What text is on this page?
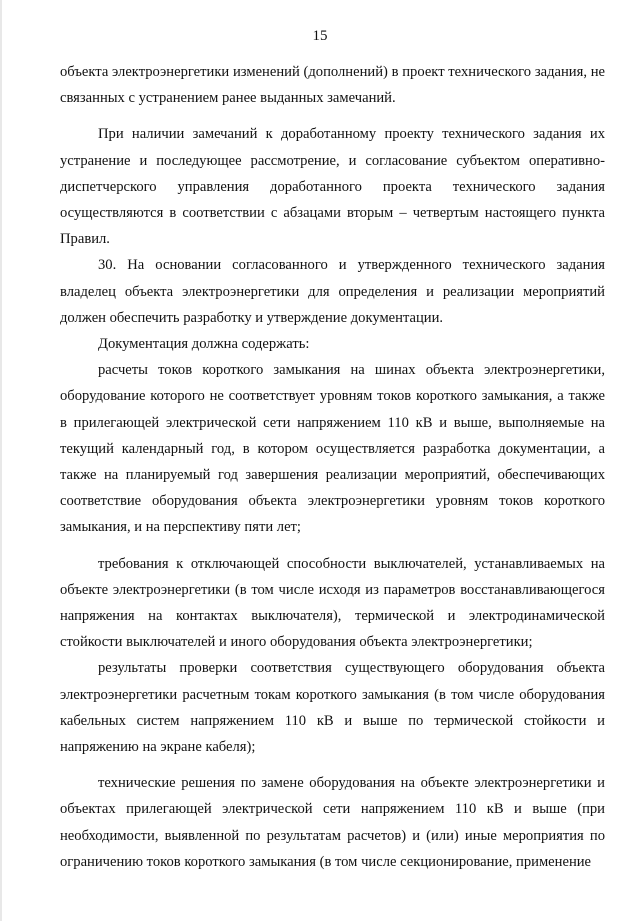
15

объекта электроэнергетики изменений (дополнений) в проект технического задания, не связанных с устранением ранее выданных замечаний.

При наличии замечаний к доработанному проекту технического задания их устранение и последующее рассмотрение, и согласование субъектом оперативно-диспетчерского управления доработанного проекта технического задания осуществляются в соответствии с абзацами вторым – четвертым настоящего пункта Правил.

30. На основании согласованного и утвержденного технического задания владелец объекта электроэнергетики для определения и реализации мероприятий должен обеспечить разработку и утверждение документации.

Документация должна содержать:

расчеты токов короткого замыкания на шинах объекта электроэнергетики, оборудование которого не соответствует уровням токов короткого замыкания, а также в прилегающей электрической сети напряжением 110 кВ и выше, выполняемые на текущий календарный год, в котором осуществляется разработка документации, а также на планируемый год завершения реализации мероприятий, обеспечивающих соответствие оборудования объекта электроэнергетики уровням токов короткого замыкания, и на перспективу пяти лет;

требования к отключающей способности выключателей, устанавливаемых на объекте электроэнергетики (в том числе исходя из параметров восстанавливающегося напряжения на контактах выключателя), термической и электродинамической стойкости выключателей и иного оборудования объекта электроэнергетики;

результаты проверки соответствия существующего оборудования объекта электроэнергетики расчетным токам короткого замыкания (в том числе оборудования кабельных систем напряжением 110 кВ и выше по термической стойкости и напряжению на экране кабеля);

технические решения по замене оборудования на объекте электроэнергетики и объектах прилегающей электрической сети напряжением 110 кВ и выше (при необходимости, выявленной по результатам расчетов) и (или) иные мероприятия по ограничению токов короткого замыкания (в том числе секционирование, применение
